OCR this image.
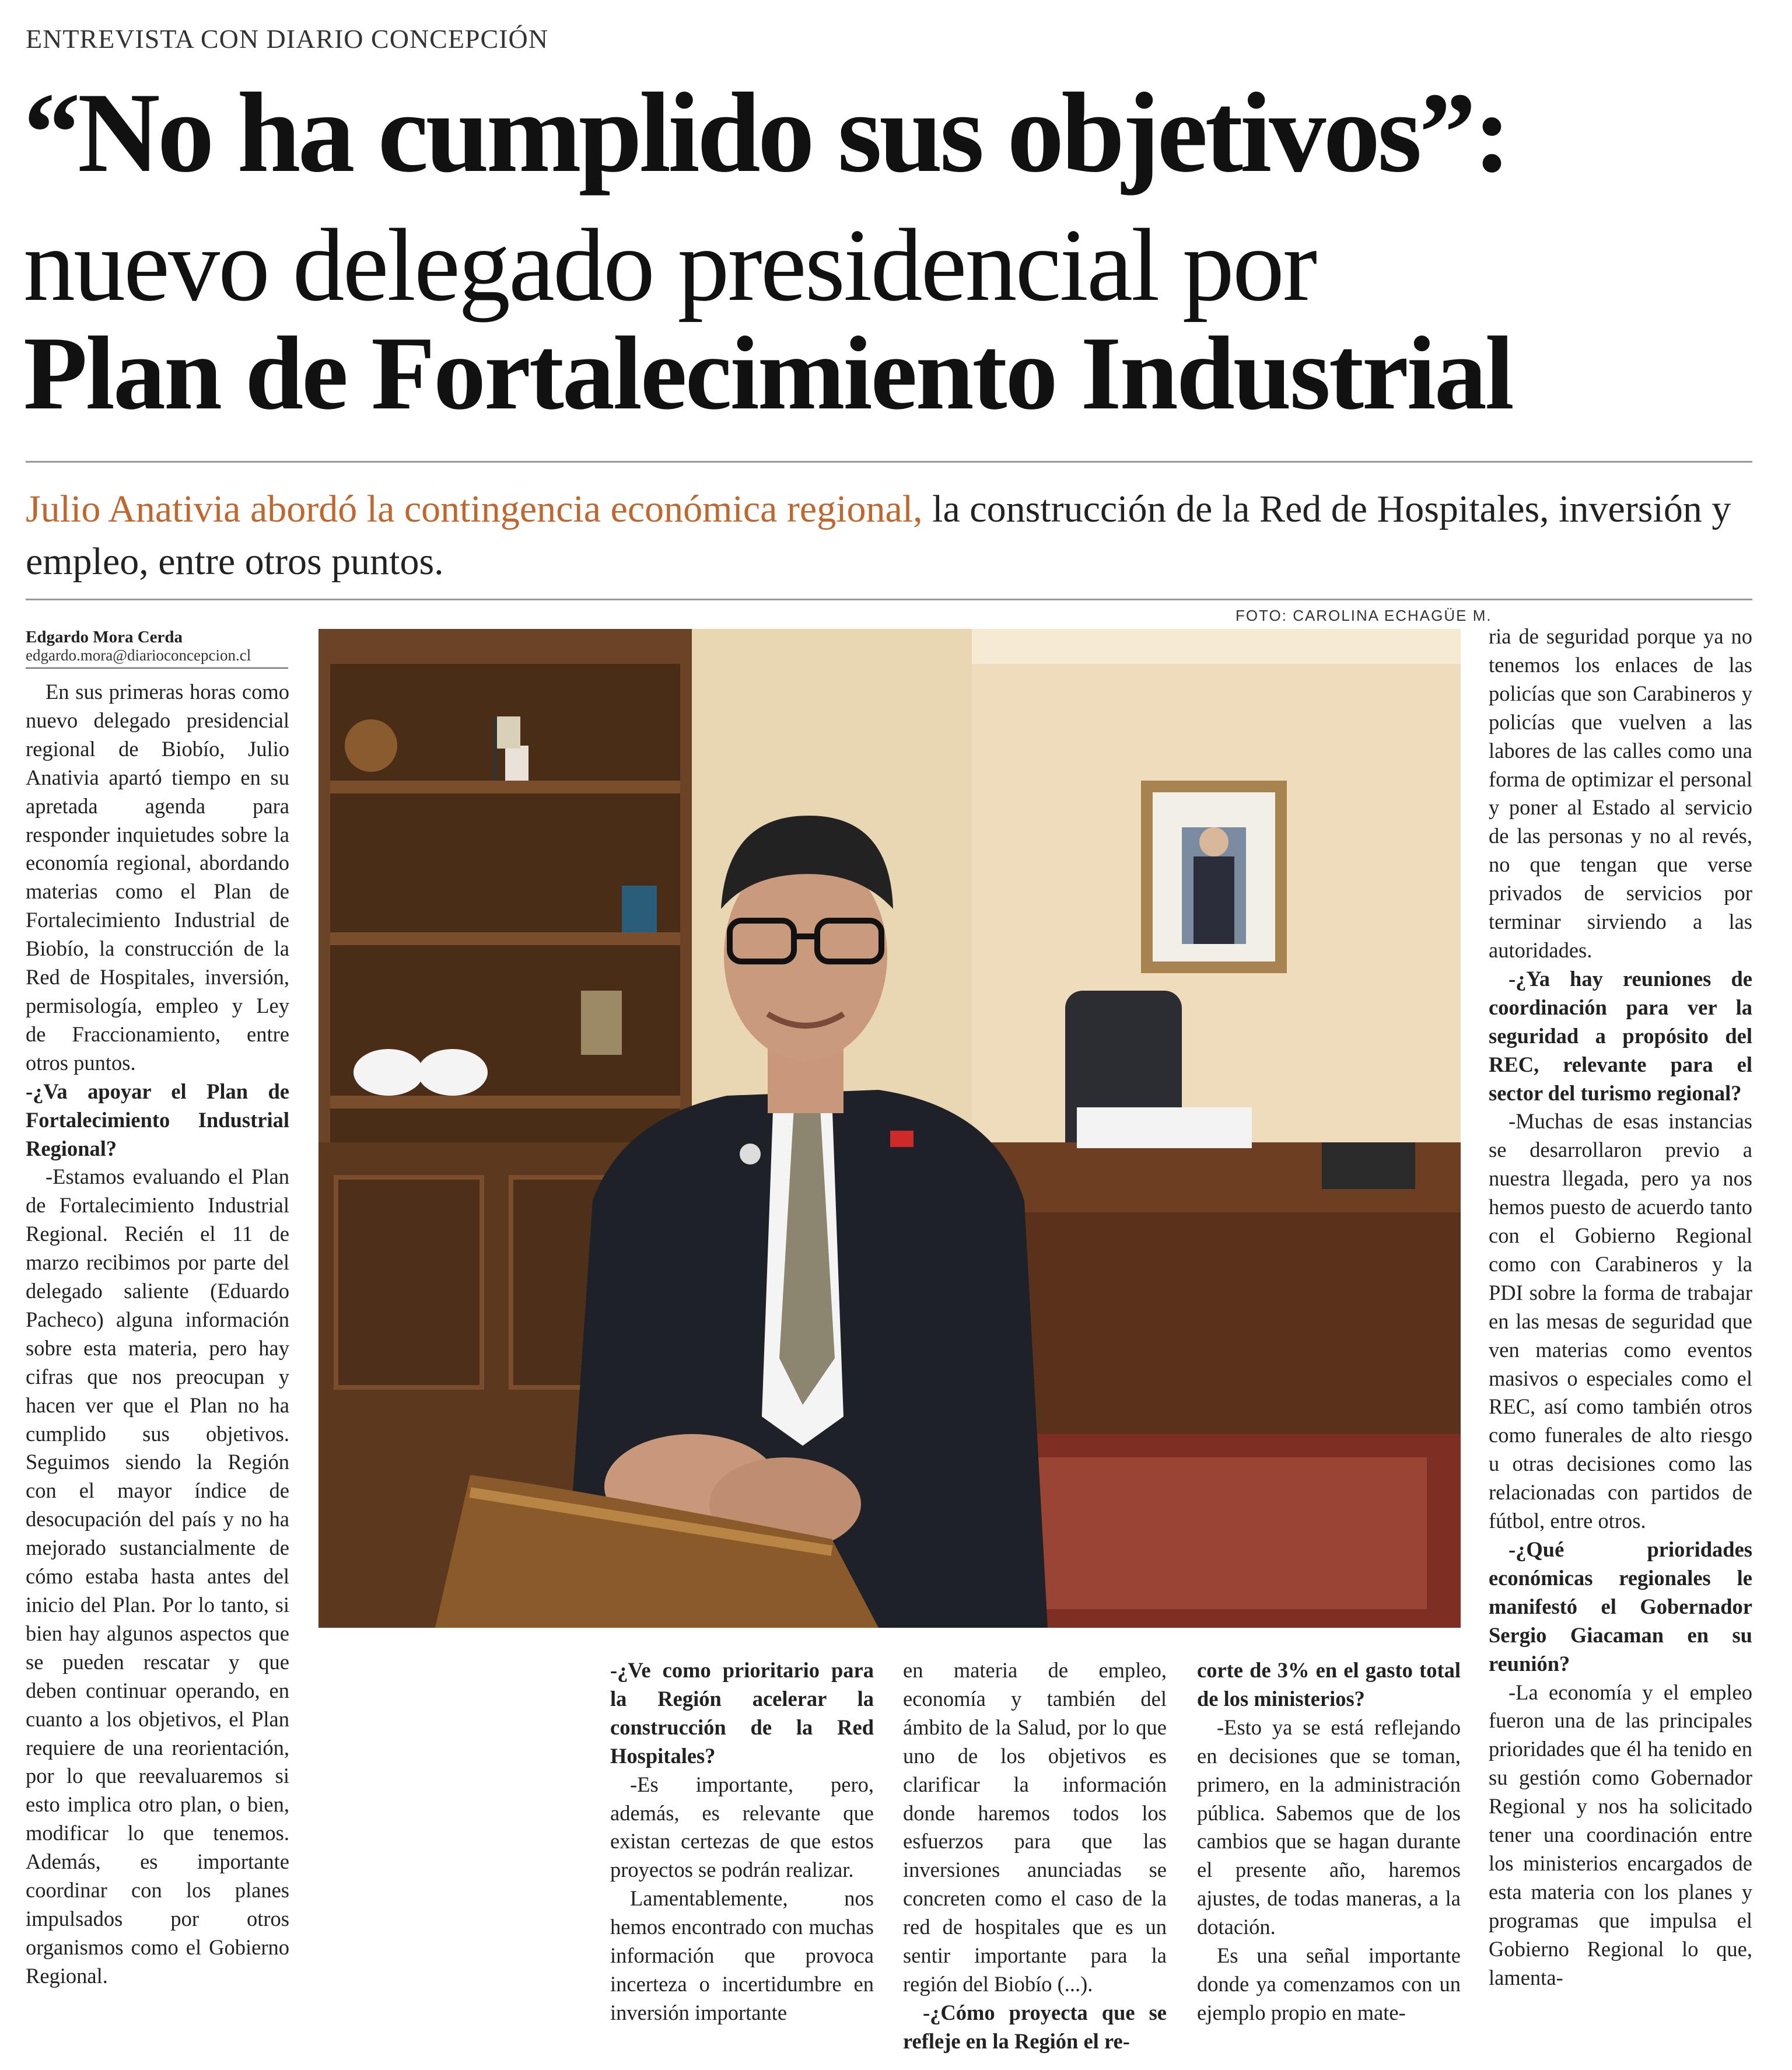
ENTREVISTA CON DIARIO CONCEPCIÓN
“No ha cumplido sus objetivos”:
nuevo delegado presidencial por
Plan de Fortalecimiento Industrial
Julio Anativia abordó la contingencia económica regional, la construcción de la Red de Hospitales, inversión y empleo, entre otros puntos.
Edgardo Mora Cerda
edgardo.mora@diarioconcepcion.cl
FOTO: CAROLINA ECHAGÜE M.

En sus primeras horas como nuevo delegado presidencial regional de Biobío, Julio Anativia apartó tiempo en su apretada agenda para responder inquietudes sobre la economía regional, abordando materias como el Plan de Fortalecimiento Industrial de Biobío, la construcción de la Red de Hospitales, inversión, permisología, empleo y Ley de Fraccionamiento, entre otros puntos.

-¿Va apoyar el Plan de Fortalecimiento Industrial Regional?

-Estamos evaluando el Plan de Fortalecimiento Industrial Regional. Recién el 11 de marzo recibimos por parte del delegado saliente (Eduardo Pacheco) alguna información sobre esta materia, pero hay cifras que nos preocupan y hacen ver que el Plan no ha cumplido sus objetivos. Seguimos siendo la Región con el mayor índice de desocupación del país y no ha mejorado sustancialmente de cómo estaba hasta antes del inicio del Plan. Por lo tanto, si bien hay algunos aspectos que se pueden rescatar y que deben continuar operando, en cuanto a los objetivos, el Plan requiere de una reorientación, por lo que reevaluaremos si esto implica otro plan, o bien, modificar lo que tenemos. Además, es importante coordinar con los planes impulsados por otros organismos como el Gobierno Regional.

-¿Ve como prioritario para la Región acelerar la construcción de la Red Hospitales?

-Es importante, pero, además, es relevante que existan certezas de que estos proyectos se podrán realizar.

Lamentablemente, nos hemos encontrado con muchas información que provoca incerteza o incertidumbre en inversión importante

en materia de empleo, economía y también del ámbito de la Salud, por lo que uno de los objetivos es clarificar la información donde haremos todos los esfuerzos para que las inversiones anunciadas se concreten como el caso de la red de hospitales que es un sentir importante para la región del Biobío (...).

-¿Cómo proyecta que se refleje en la Región el re-

corte de 3% en el gasto total de los ministerios?

-Esto ya se está reflejando en decisiones que se toman, primero, en la administración pública. Sabemos que de los cambios que se hagan durante el presente año, haremos ajustes, de todas maneras, a la dotación.

Es una señal importante donde ya comenzamos con un ejemplo propio en mate-

ria de seguridad porque ya no tenemos los enlaces de las policías que son Carabineros y policías que vuelven a las labores de las calles como una forma de optimizar el personal y poner al Estado al servicio de las personas y no al revés, no que tengan que verse privados de servicios por terminar sirviendo a las autoridades.

-¿Ya hay reuniones de coordinación para ver la seguridad a propósito del REC, relevante para el sector del turismo regional?

-Muchas de esas instancias se desarrollaron previo a nuestra llegada, pero ya nos hemos puesto de acuerdo tanto con el Gobierno Regional como con Carabineros y la PDI sobre la forma de trabajar en las mesas de seguridad que ven materias como eventos masivos o especiales como el REC, así como también otros como funerales de alto riesgo u otras decisiones como las relacionadas con partidos de fútbol, entre otros.

-¿Qué prioridades económicas regionales le manifestó el Gobernador Sergio Giacaman en su reunión?

-La economía y el empleo fueron una de las principales prioridades que él ha tenido en su gestión como Gobernador Regional y nos ha solicitado tener una coordinación entre los ministerios encargados de esta materia con los planes y programas que impulsa el Gobierno Regional lo que, lamenta-
